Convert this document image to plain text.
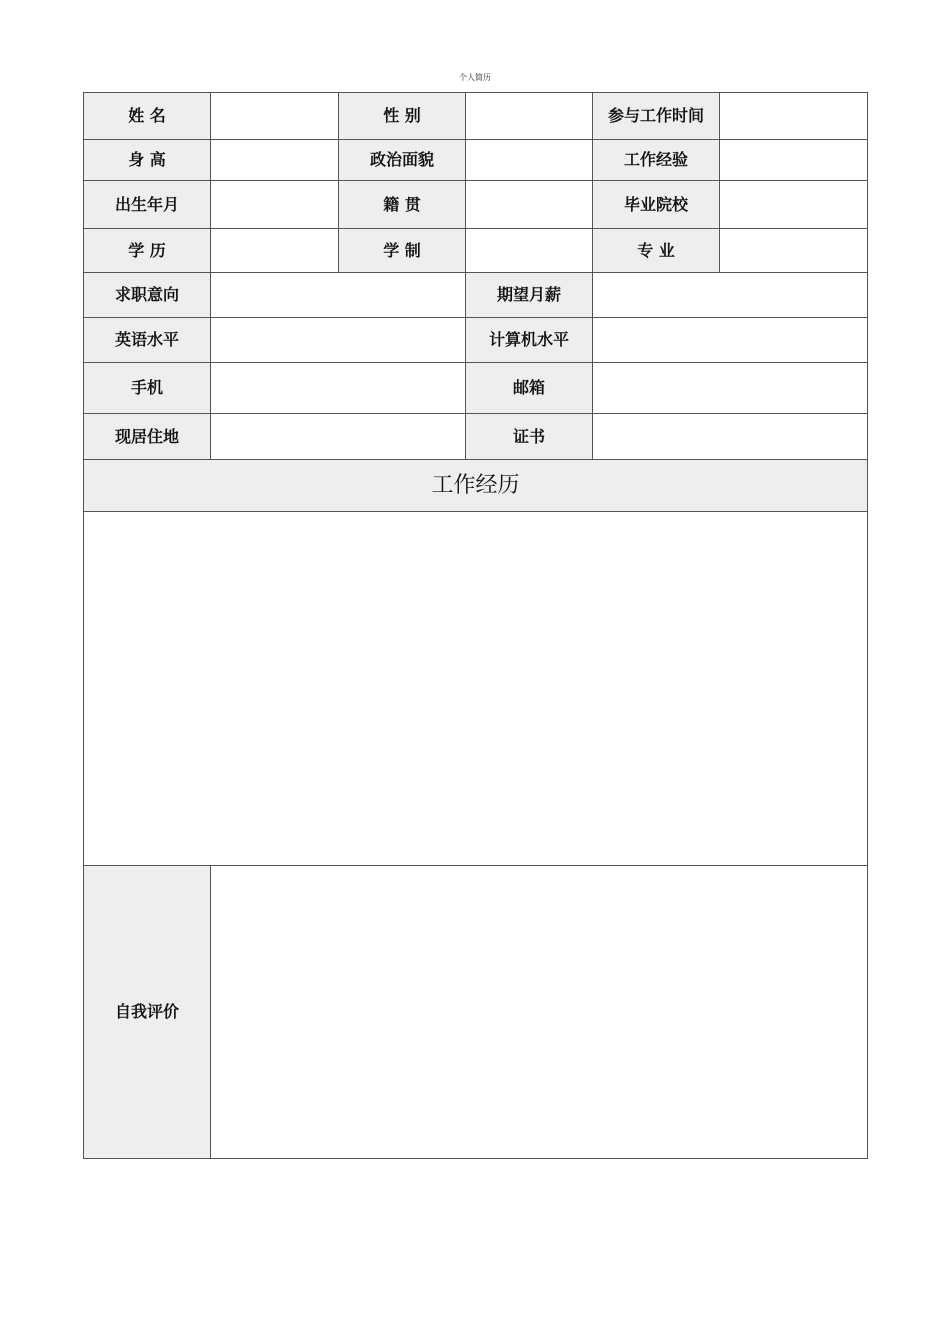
个人简历
姓 名		性 别		参与工作时间	
身 高		政治面貌		工作经验	
出生年月		籍 贯		毕业院校	
学 历		学 制		专 业	
求职意向			期望月薪		
英语水平			计算机水平		
手机			邮箱		
现居住地			证书		
工作经历					

自我评价					
